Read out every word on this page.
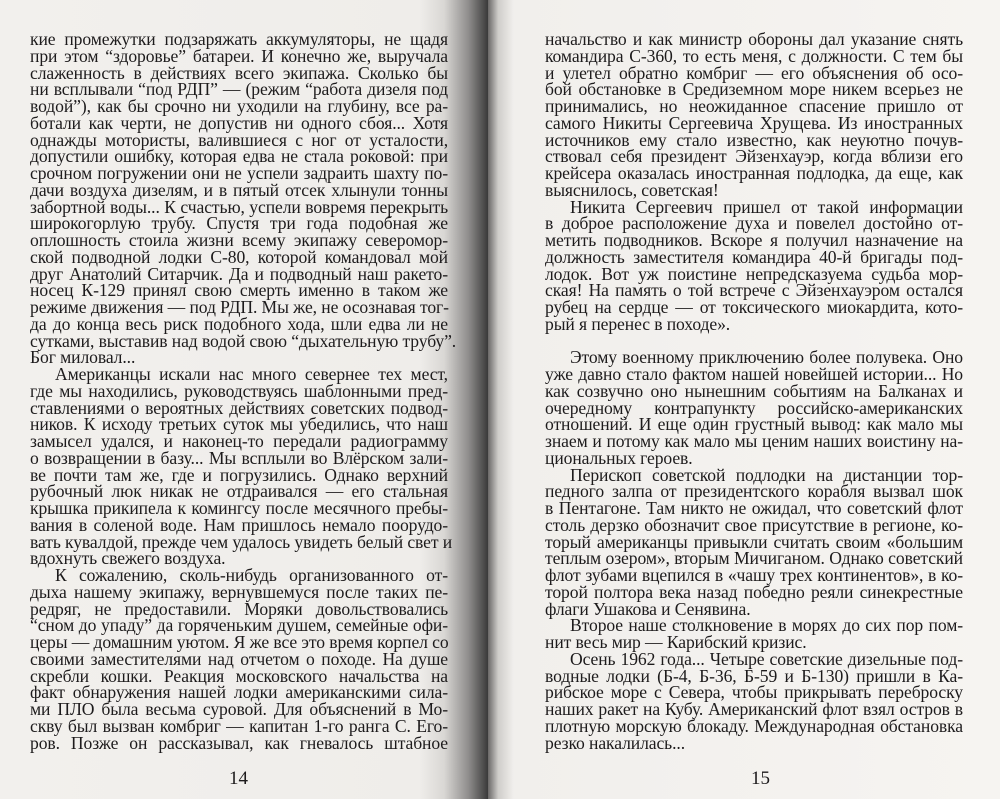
кие промежутки подзаряжать аккумуляторы, не щадя
при этом “здоровье” батареи. И конечно же, выручала
слаженность в действиях всего экипажа. Сколько бы
ни всплывали “под РДП” — (режим “работа дизеля под
водой”), как бы срочно ни уходили на глубину, все ра-
ботали как черти, не допустив ни одного сбоя... Хотя
однажды мотористы, валившиеся с ног от усталости,
допустили ошибку, которая едва не стала роковой: при
срочном погружении они не успели задраить шахту по-
дачи воздуха дизелям, и в пятый отсек хлынули тонны
забортной воды... К счастью, успели вовремя перекрыть
широкогорлую трубу. Спустя три года подобная же
оплошность стоила жизни всему экипажу северомор-
ской подводной лодки С-80, которой командовал мой
друг Анатолий Ситарчик. Да и подводный наш ракето-
носец К-129 принял свою смерть именно в таком же
режиме движения — под РДП. Мы же, не осознавая тог-
да до конца весь риск подобного хода, шли едва ли не
сутками, выставив над водой свою “дыхательную трубу”.
Бог миловал...
Американцы искали нас много севернее тех мест,
где мы находились, руководствуясь шаблонными пред-
ставлениями о вероятных действиях советских подвод-
ников. К исходу третьих суток мы убедились, что наш
замысел удался, и наконец-то передали радиограмму
о возвращении в базу... Мы всплыли во Влёрском зали-
ве почти там же, где и погрузились. Однако верхний
рубочный люк никак не отдраивался — его стальная
крышка прикипела к комингсу после месячного пребы-
вания в соленой воде. Нам пришлось немало поорудо-
вать кувалдой, прежде чем удалось увидеть белый свет и
вдохнуть свежего воздуха.
К сожалению, сколь-нибудь организованного от-
дыха нашему экипажу, вернувшемуся после таких пе-
редряг, не предоставили. Моряки довольствовались
“сном до упаду” да горяченьким душем, семейные офи-
церы — домашним уютом. Я же все это время корпел со
своими заместителями над отчетом о походе. На душе
скребли кошки. Реакция московского начальства на
факт обнаружения нашей лодки американскими сила-
ми ПЛО была весьма суровой. Для объяснений в Мо-
скву был вызван комбриг — капитан 1-го ранга С. Его-
ров. Позже он рассказывал, как гневалось штабное
14
начальство и как министр обороны дал указание снять
командира С-360, то есть меня, с должности. С тем бы
и улетел обратно комбриг — его объяснения об осо-
бой обстановке в Средиземном море никем всерьез не
принимались, но неожиданное спасение пришло от
самого Никиты Сергеевича Хрущева. Из иностранных
источников ему стало известно, как неуютно почув-
ствовал себя президент Эйзенхауэр, когда вблизи его
крейсера оказалась иностранная подлодка, да еще, как
выяснилось, советская!
Никита Сергеевич пришел от такой информации
в доброе расположение духа и повелел достойно от-
метить подводников. Вскоре я получил назначение на
должность заместителя командира 40-й бригады под-
лодок. Вот уж поистине непредсказуема судьба мор-
ская! На память о той встрече с Эйзенхауэром остался
рубец на сердце — от токсического миокардита, кото-
рый я перенес в походе».
Этому военному приключению более полувека. Оно
уже давно стало фактом нашей новейшей истории... Но
как созвучно оно нынешним событиям на Балканах и
очередному контрапункту российско-американских
отношений. И еще один грустный вывод: как мало мы
знаем и потому как мало мы ценим наших воистину на-
циональных героев.
Перископ советской подлодки на дистанции тор-
педного залпа от президентского корабля вызвал шок
в Пентагоне. Там никто не ожидал, что советский флот
столь дерзко обозначит свое присутствие в регионе, ко-
торый американцы привыкли считать своим «большим
теплым озером», вторым Мичиганом. Однако советский
флот зубами вцепился в «чашу трех континентов», в ко-
торой полтора века назад победно реяли синекрестные
флаги Ушакова и Сенявина.
Второе наше столкновение в морях до сих пор пом-
нит весь мир — Карибский кризис.
Осень 1962 года... Четыре советские дизельные под-
водные лодки (Б-4, Б-36, Б-59 и Б-130) пришли в Ка-
рибское море с Севера, чтобы прикрывать переброску
наших ракет на Кубу. Американский флот взял остров в
плотную морскую блокаду. Международная обстановка
резко накалилась...
15
